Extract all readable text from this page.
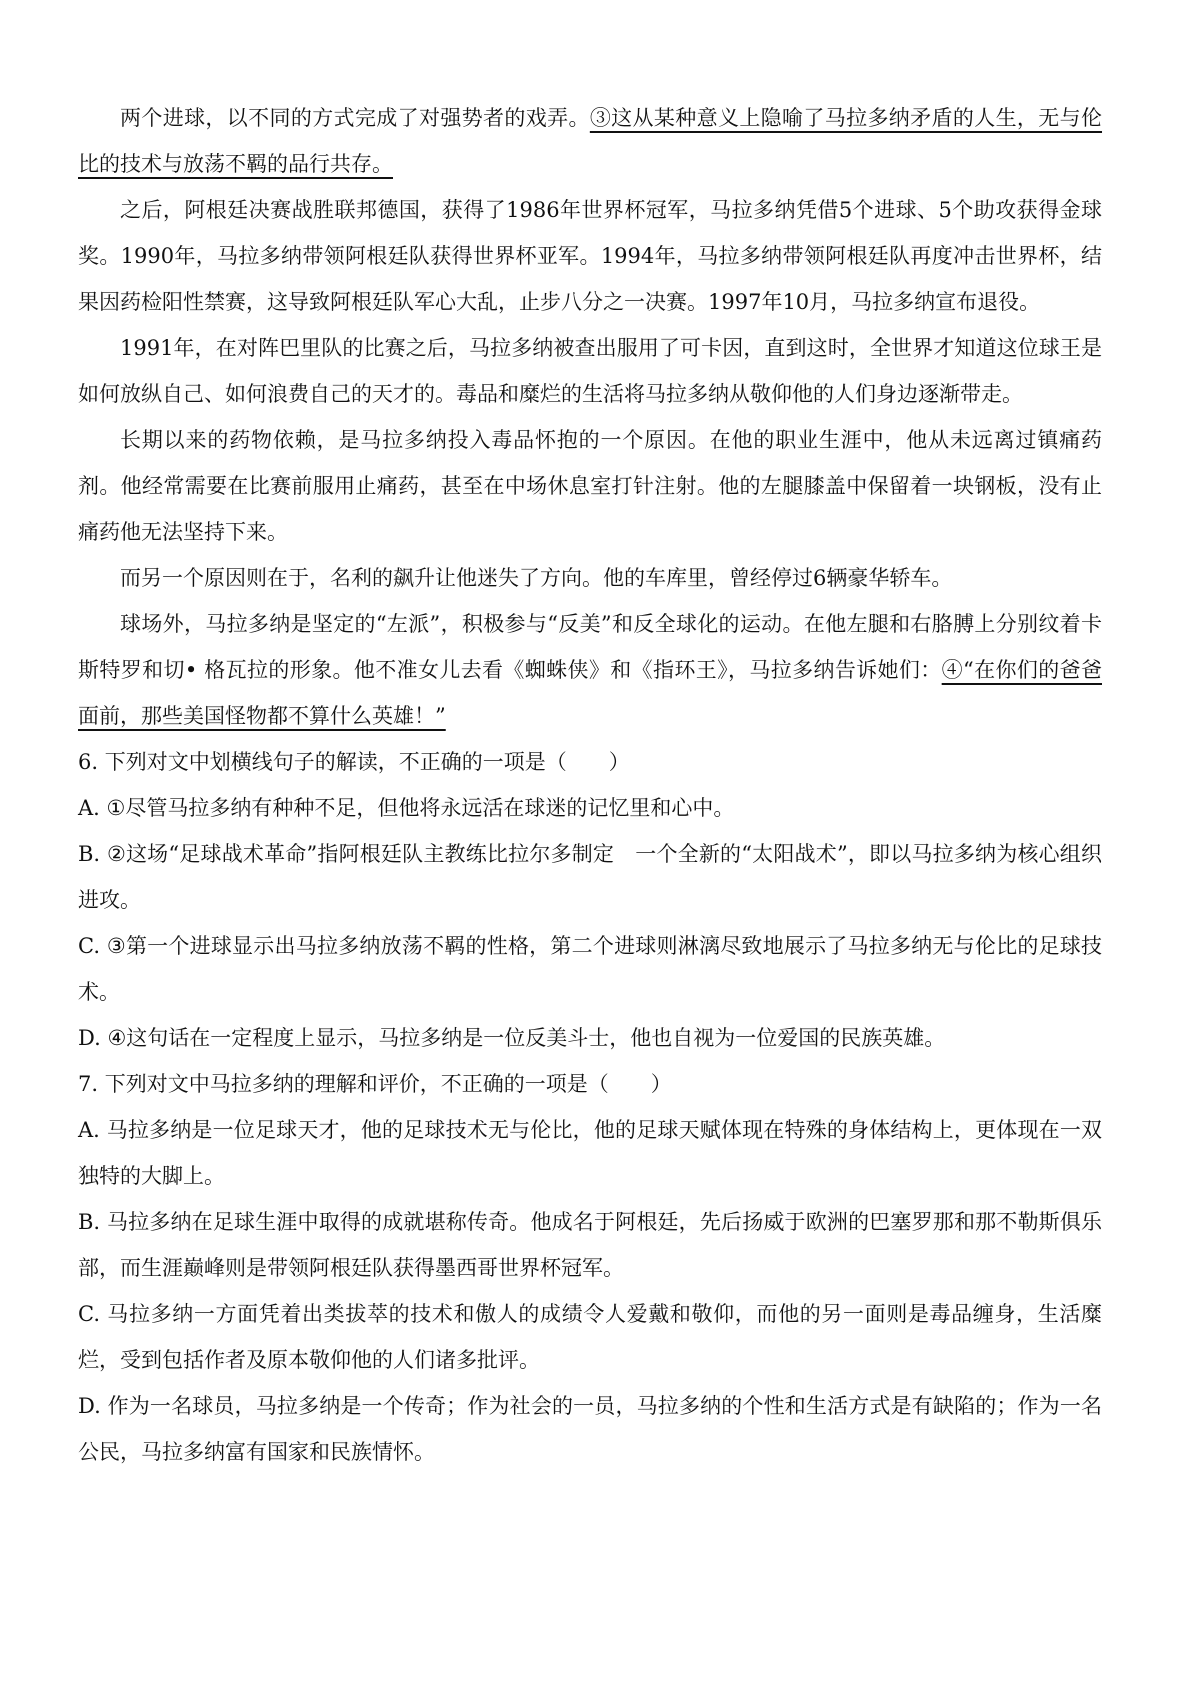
两个进球，以不同的方式完成了对强势者的戏弄。③这从某种意义上隐喻了马拉多纳矛盾的人生，无与伦比的技术与放荡不羁的品行共存。

之后，阿根廷决赛战胜联邦德国，获得了1986年世界杯冠军，马拉多纳凭借5个进球、5个助攻获得金球奖。1990年，马拉多纳带领阿根廷队获得世界杯亚军。1994年，马拉多纳带领阿根廷队再度冲击世界杯，结果因药检阳性禁赛，这导致阿根廷队军心大乱，止步八分之一决赛。1997年10月，马拉多纳宣布退役。

1991年，在对阵巴里队的比赛之后，马拉多纳被查出服用了可卡因，直到这时，全世界才知道这位球王是如何放纵自己、如何浪费自己的天才的。毒品和糜烂的生活将马拉多纳从敬仰他的人们身边逐渐带走。

长期以来的药物依赖，是马拉多纳投入毒品怀抱的一个原因。在他的职业生涯中，他从未远离过镇痛药剂。他经常需要在比赛前服用止痛药，甚至在中场休息室打针注射。他的左腿膝盖中保留着一块钢板，没有止痛药他无法坚持下来。

而另一个原因则在于，名利的飙升让他迷失了方向。他的车库里，曾经停过6辆豪华轿车。

球场外，马拉多纳是坚定的“左派”，积极参与“反美”和反全球化的运动。在他左腿和右胳膊上分别纹着卡斯特罗和切• 格瓦拉的形象。他不准女儿去看《蜘蛛侠》和《指环王》，马拉多纳告诉她们：④“在你们的爸爸面前，那些美国怪物都不算什么英雄！”

6. 下列对文中划横线句子的解读，不正确的一项是（　　）

A. ①尽管马拉多纳有种种不足，但他将永远活在球迷的记忆里和心中。

B. ②这场“足球战术革命”指阿根廷队主教练比拉尔多制定　一个全新的“太阳战术”，即以马拉多纳为核心组织进攻。

C. ③第一个进球显示出马拉多纳放荡不羁的性格，第二个进球则淋漓尽致地展示了马拉多纳无与伦比的足球技术。

D. ④这句话在一定程度上显示，马拉多纳是一位反美斗士，他也自视为一位爱国的民族英雄。

7. 下列对文中马拉多纳的理解和评价，不正确的一项是（　　）

A. 马拉多纳是一位足球天才，他的足球技术无与伦比，他的足球天赋体现在特殊的身体结构上，更体现在一双独特的大脚上。

B. 马拉多纳在足球生涯中取得的成就堪称传奇。他成名于阿根廷，先后扬威于欧洲的巴塞罗那和那不勒斯俱乐部，而生涯巅峰则是带领阿根廷队获得墨西哥世界杯冠军。

C. 马拉多纳一方面凭着出类拔萃的技术和傲人的成绩令人爱戴和敬仰，而他的另一面则是毒品缠身，生活糜烂，受到包括作者及原本敬仰他的人们诸多批评。

D. 作为一名球员，马拉多纳是一个传奇；作为社会的一员，马拉多纳的个性和生活方式是有缺陷的；作为一名公民，马拉多纳富有国家和民族情怀。
